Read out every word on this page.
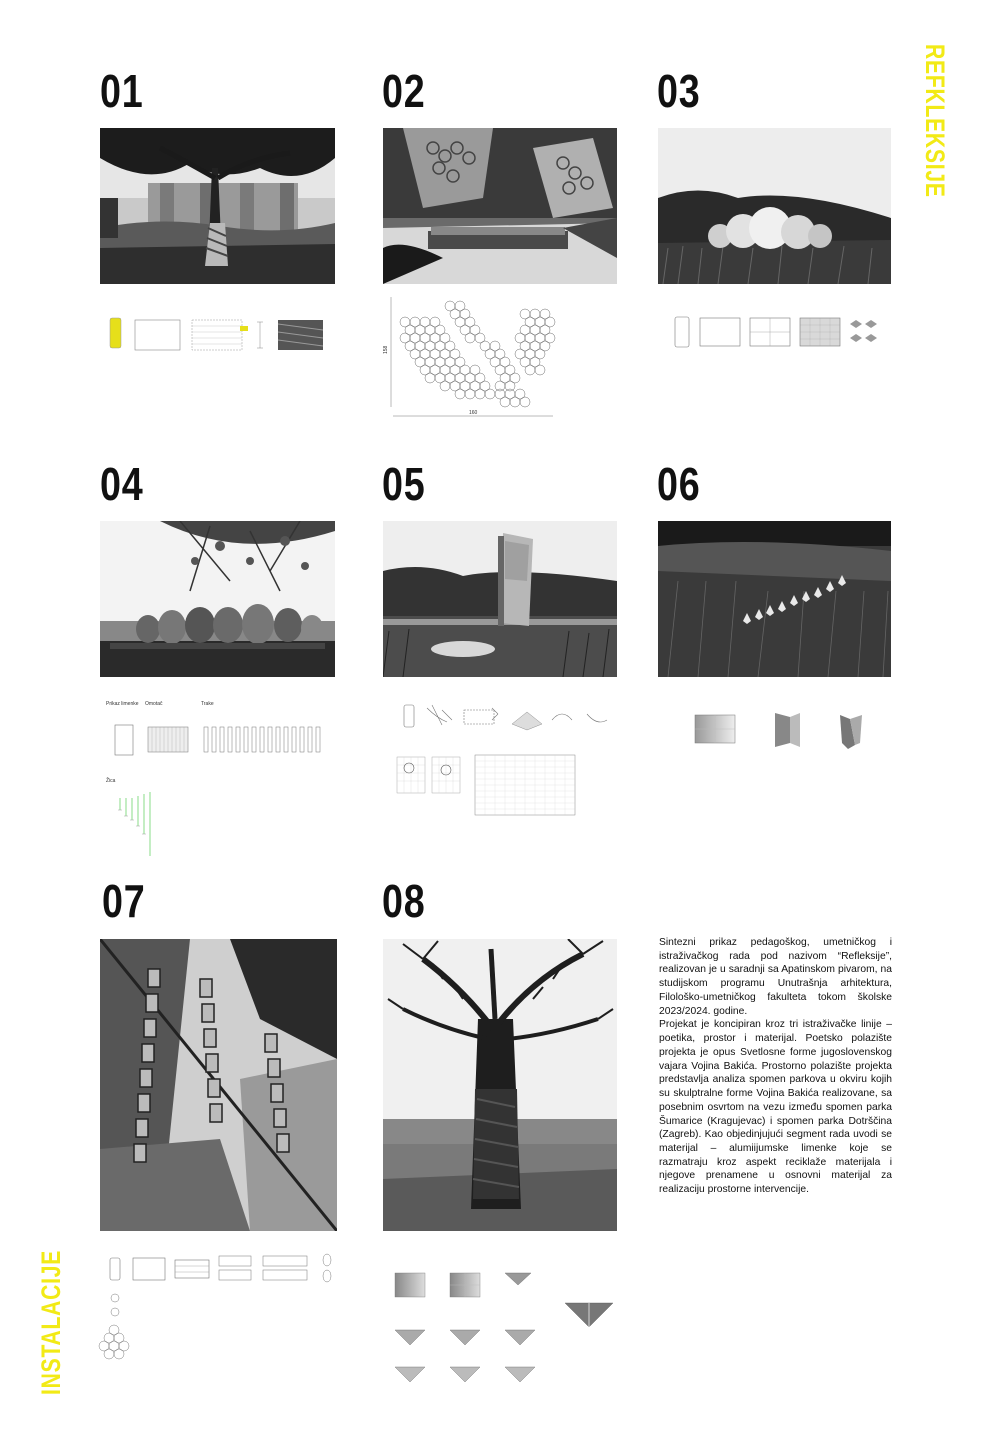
REFKLEKSIJE
INSTALACIJE
01	02	03
04	05	06
07	08
158
160
Prikaz limenke Omotač	Trake
Žica

Sintezni prikaz pedagoškog, umetničkog i istraživačkog rada pod nazivom “Refleksije”, realizovan je u saradnji sa Apatinskom pivarom, na studijskom programu Unutrašnja arhitektura, Filološko-umetničkog fakulteta tokom školske 2023/2024. godine.

Projekat je koncipiran kroz tri istraživačke linije – poetika, prostor i materijal. Poetsko polazište projekta je opus Svetlosne forme jugoslovenskog vajara Vojina Bakića. Prostorno polazište projekta predstavlja analiza spomen parkova u okviru kojih su skulptralne forme Vojina Bakića realizovane, sa posebnim osvrtom na vezu između spomen parka Šumarice (Kragujevac) i spomen parka Dotrščina (Zagreb). Kao objedinjujući segment rada uvodi se materijal – alumiijumske limenke koje se razmatraju kroz aspekt reciklaže materijala i njegove prenamene u osnovni materijal za realizaciju prostorne intervencije.
